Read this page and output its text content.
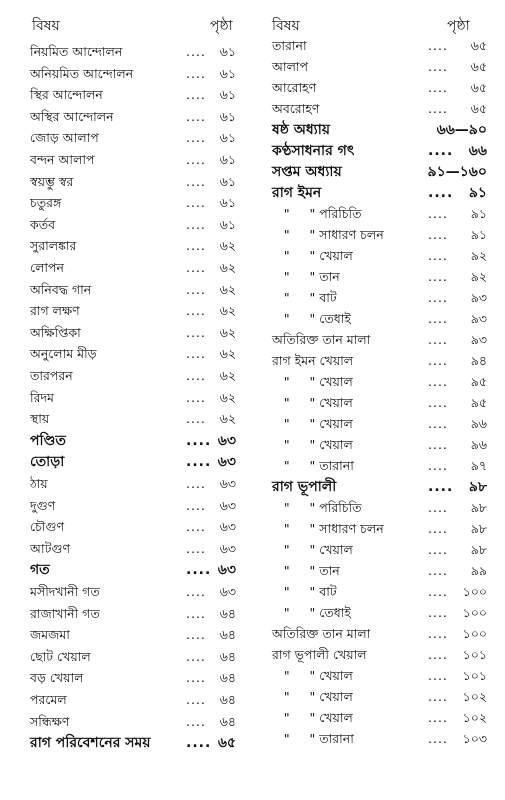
বিষয়	পৃষ্ঠা
নিয়মিত আন্দোলন	.... ৬১
অনিয়মিত আন্দোলন	.... ৬১
স্থির আন্দোলন	.... ৬১
অস্থির আন্দোলন	.... ৬১
জোড় আলাপ	.... ৬১
বন্দন আলাপ	.... ৬১
স্বয়ম্ভু স্বর	.... ৬১
চতুরঙ্গ	.... ৬১
কর্তব	.... ৬১
সুরালঙ্কার	.... ৬২
লোপন	.... ৬২
অনিবদ্ধ গান	.... ৬২
রাগ লক্ষণ	.... ৬২
অক্ষিপ্তিকা	.... ৬২
অনুলোম মীড়	.... ৬২
তারপরন	.... ৬২
রিদম	.... ৬২
স্থায়	.... ৬২
পণ্ডিত	.... ৬৩
তোড়া	.... ৬৩
ঠায়	.... ৬৩
দুগুণ	.... ৬৩
চৌগুণ	.... ৬৩
আটগুণ	.... ৬৩
গত	.... ৬৩
মসীদখানী গত	.... ৬৩
রাজাখানী গত	.... ৬৪
জমজমা	.... ৬৪
ছোট খেয়াল	.... ৬৪
বড় খেয়াল	.... ৬৪
পরমেল	.... ৬৪
সন্ধিক্ষণ	.... ৬৪
রাগ পরিবেশনের সময়	.... ৬৫
বিষয়	পৃষ্ঠা
তারানা	.... ৬৫
আলাপ	.... ৬৫
আরোহণ	.... ৬৫
অবরোহণ	.... ৬৫
ষষ্ঠ অধ্যায়	৬৬—৯০
কণ্ঠসাধনার গৎ	.... ৬৬
সপ্তম অধ্যায়	৯১—১৬০
রাগ ইমন	.... ৯১
"     " পরিচিতি	.... ৯১
"     " সাধারণ চলন	.... ৯১
"     " খেয়াল	.... ৯২
"     " তান	.... ৯২
"     " বাট	.... ৯৩
"     " তেধাই	.... ৯৩
অতিরিক্ত তান মালা	.... ৯৩
রাগ ইমন খেয়াল	.... ৯৪
"     " খেয়াল	.... ৯৫
"     " খেয়াল	.... ৯৫
"     " খেয়াল	.... ৯৬
"     " খেয়াল	.... ৯৬
"     " তারানা	.... ৯৭
রাগ ভূপালী	.... ৯৮
"     " পরিচিতি	.... ৯৮
"     " সাধারণ চলন	.... ৯৮
"     " খেয়াল	.... ৯৮
"     " তান	.... ৯৯
"     " বাট	.... ১০০
"     " তেধাই	.... ১০০
অতিরিক্ত তান মালা	.... ১০০
রাগ ভূপালী খেয়াল	.... ১০১
"     " খেয়াল	.... ১০১
"     " খেয়াল	.... ১০২
"     " খেয়াল	.... ১০২
"     " তারানা	.... ১০৩
